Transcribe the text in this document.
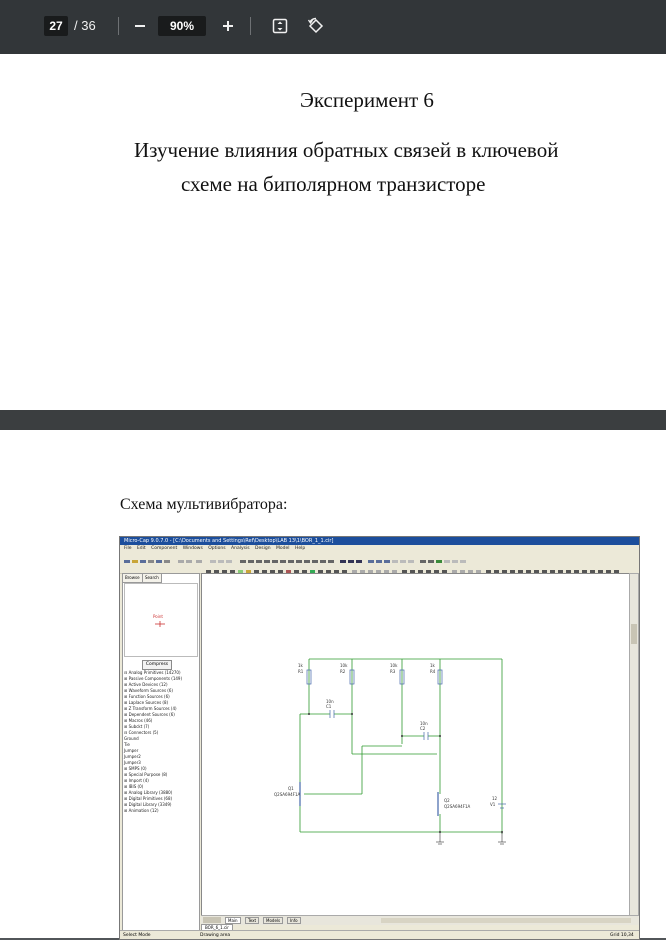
27 / 36	90%
Эксперимент 6
Изучение влияния обратных связей в ключевой
схеме на биполярном транзисторе
Схема мультивибратора:
Micro-Cap 9.0.7.0 - [C:\Documents and Settings\Ref\Desktop\LAB 13\1\BOR_1_1.cir]
File Edit Component Windows Options Analysis Design Model Help
Browse	Search
Point
Compress
⊟ Analog Primitives (14270)
⊞ Passive Components (149)
⊞ Active Devices (12)
⊞ Waveform Sources (6)
⊞ Function Sources (6)
⊞ Laplace Sources (8)
⊞ Z Transform Sources (4)
⊞ Dependent Sources (6)
⊞ Macros (46)
⊞ Subckt (7)
⊟ Connectors (5)
Ground
Tie
Jumper
Jumper2
Jumper3
⊞ SMPS (0)
⊞ Special Purpose (8)
⊞ Import (4)
⊞ IBIS (0)
⊞ Analog Library (3880)
⊞ Digital Primitives (68)
⊞ Digital Library (3349)
⊞ Animation (12)
1k
R1
10k
R2
10k
R3
1k
R4
10n
C1
10n
C2
Q1
Q2SA694F1A
Q2
Q2SA694F1A
12
V1
Main	Text	Models	Info
BOR_6_1.cir
Select Mode	Drawing area	Grid 10,34
